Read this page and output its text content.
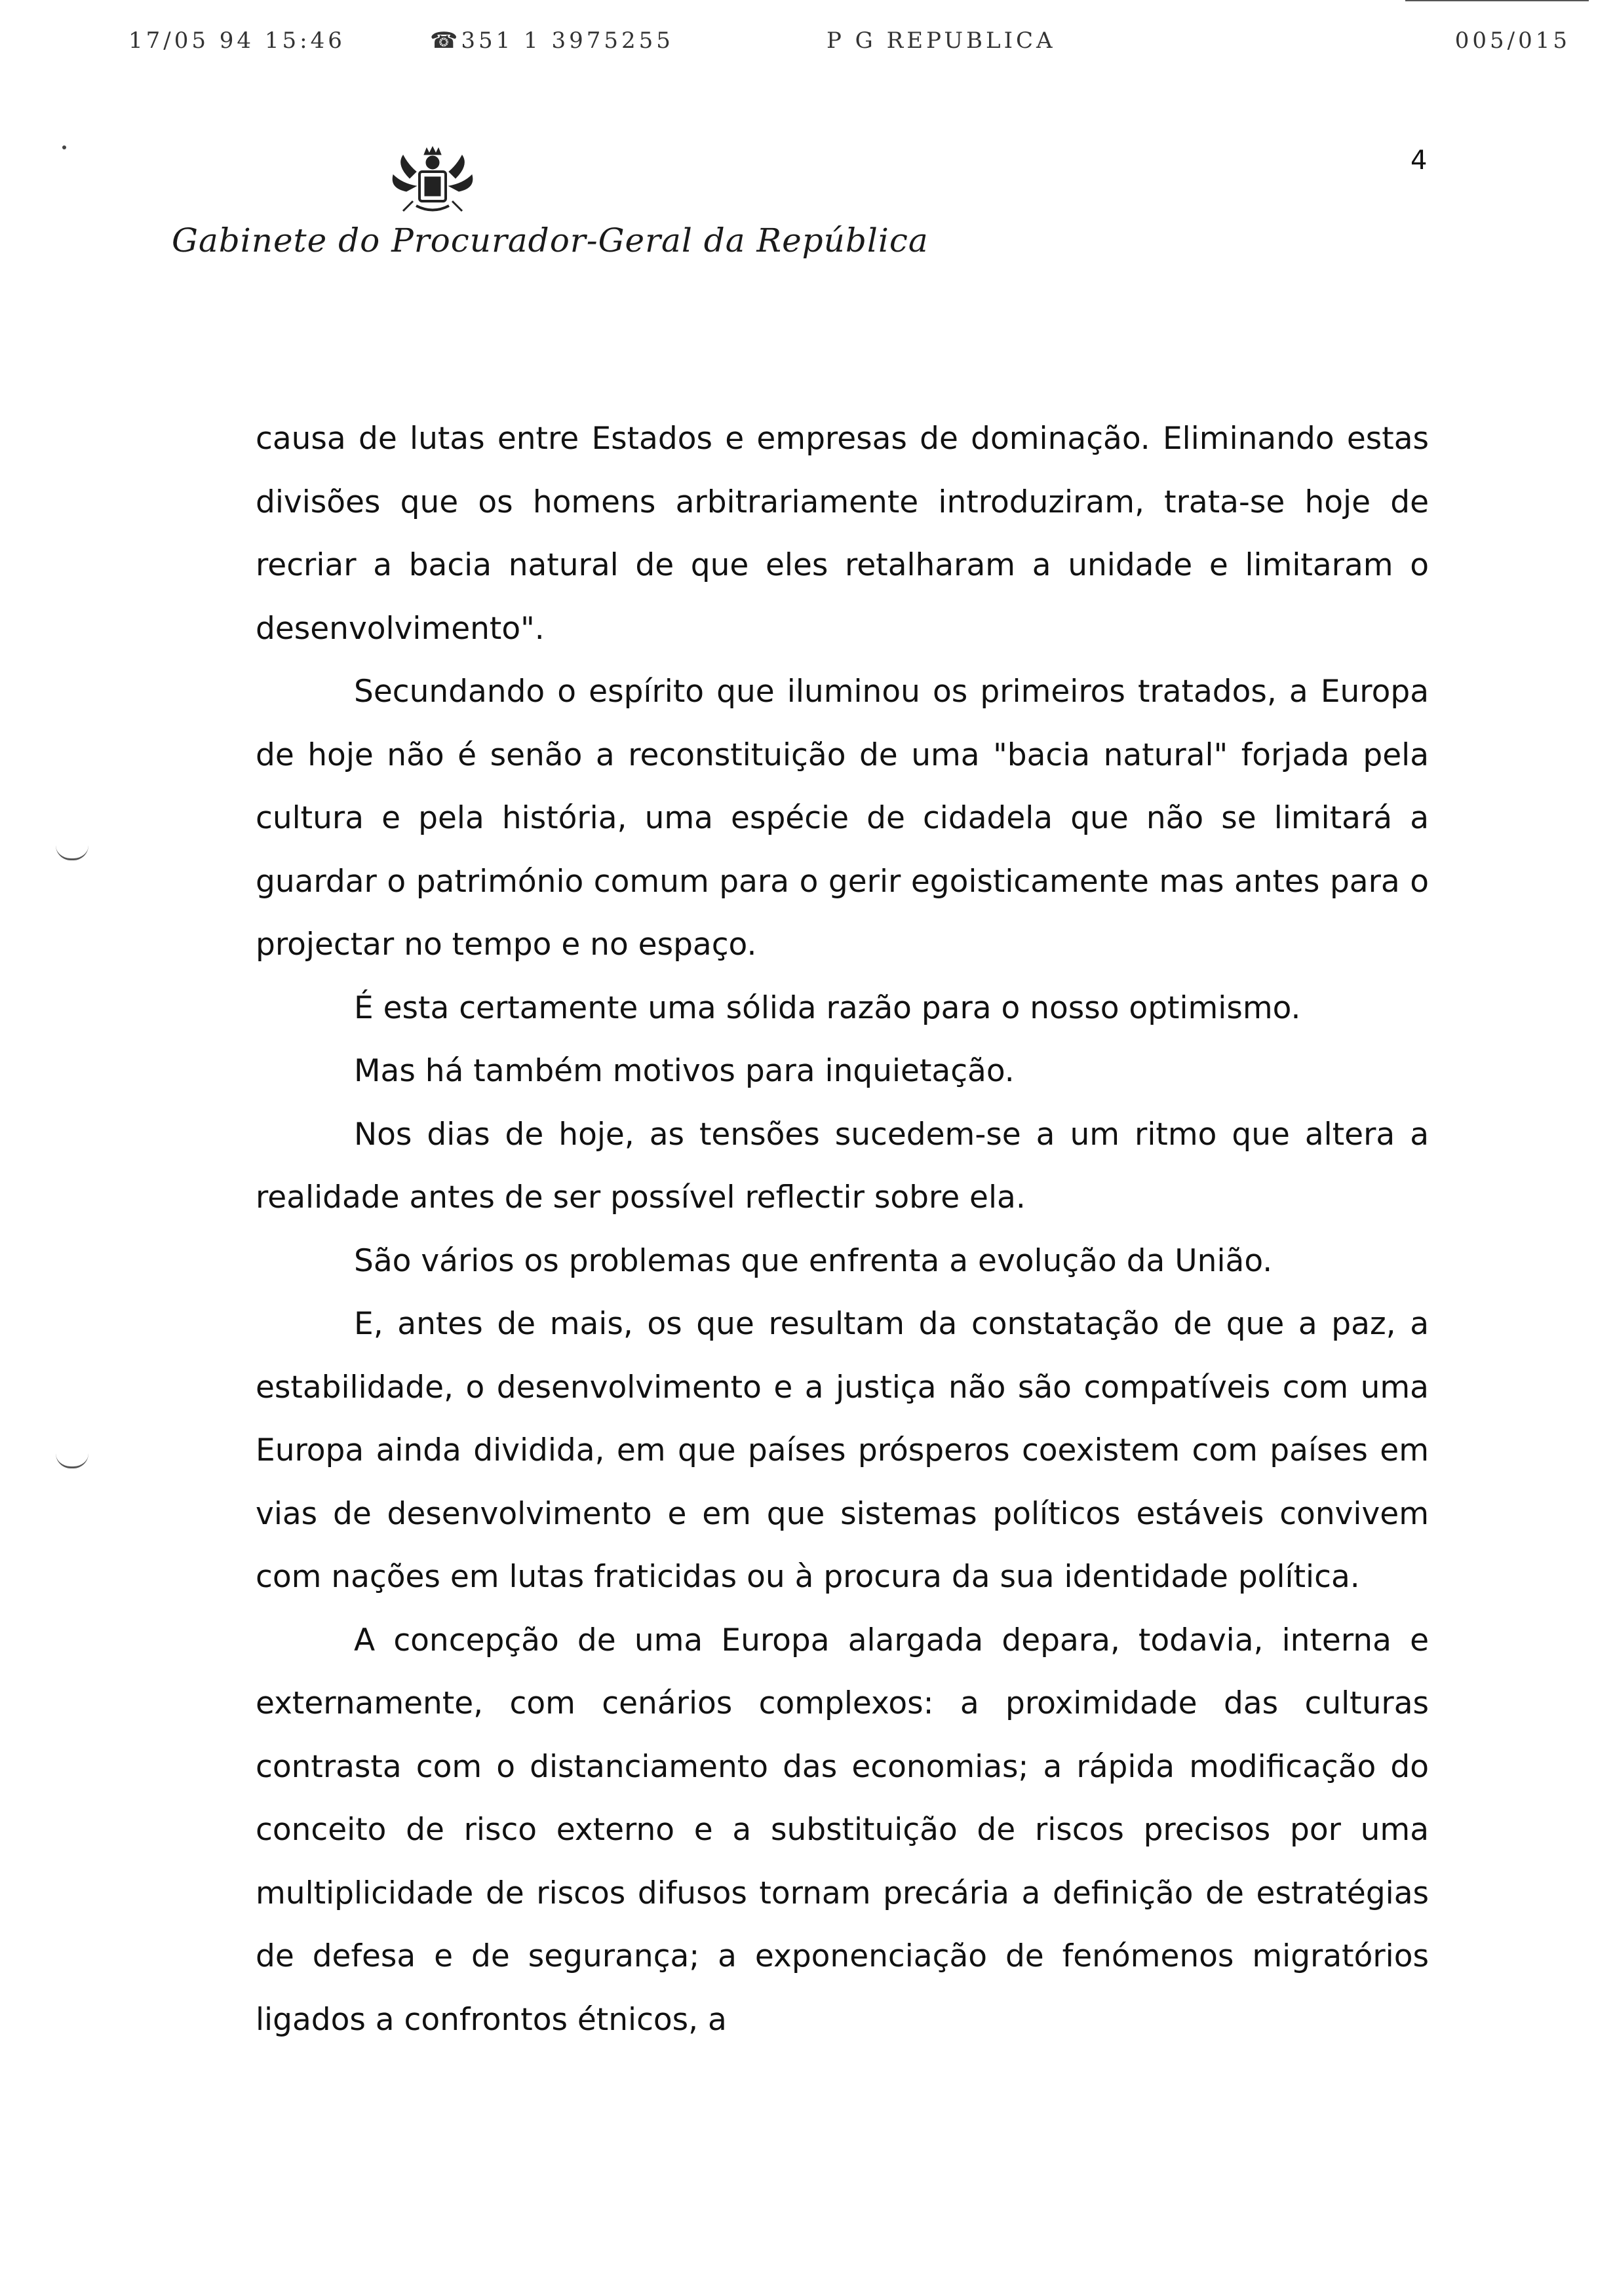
17/05 94 15:46	☎351 1 3975255	P G REPUBLICA	005/015
4
Gabinete do Procurador-Geral da República

causa de lutas entre Estados e empresas de dominação. Eliminando estas divisões que os homens arbitrariamente introduziram, trata-se hoje de recriar a bacia natural de que eles retalharam a unidade e limitaram o desenvolvimento".

Secundando o espírito que iluminou os primeiros tratados, a Europa de hoje não é senão a reconstituição de uma "bacia natural" forjada pela cultura e pela história, uma espécie de cidadela que não se limitará a guardar o património comum para o gerir egoisticamente mas antes para o projectar no tempo e no espaço.

É esta certamente uma sólida razão para o nosso optimismo.

Mas há também motivos para inquietação.

Nos dias de hoje, as tensões sucedem-se a um ritmo que altera a realidade antes de ser possível reflectir sobre ela.

São vários os problemas que enfrenta a evolução da União.

E, antes de mais, os que resultam da constatação de que a paz, a estabilidade, o desenvolvimento e a justiça não são compatíveis com uma Europa ainda dividida, em que países prósperos coexistem com países em vias de desenvolvimento e em que sistemas políticos estáveis convivem com nações em lutas fraticidas ou à procura da sua identidade política.

A concepção de uma Europa alargada depara, todavia, interna e externamente, com cenários complexos: a proximidade das culturas contrasta com o distanciamento das economias; a rápida modificação do conceito de risco externo e a substituição de riscos precisos por uma multiplicidade de riscos difusos tornam precária a definição de estratégias de defesa e de segurança; a exponenciação de fenómenos migratórios ligados a confrontos étnicos, a
